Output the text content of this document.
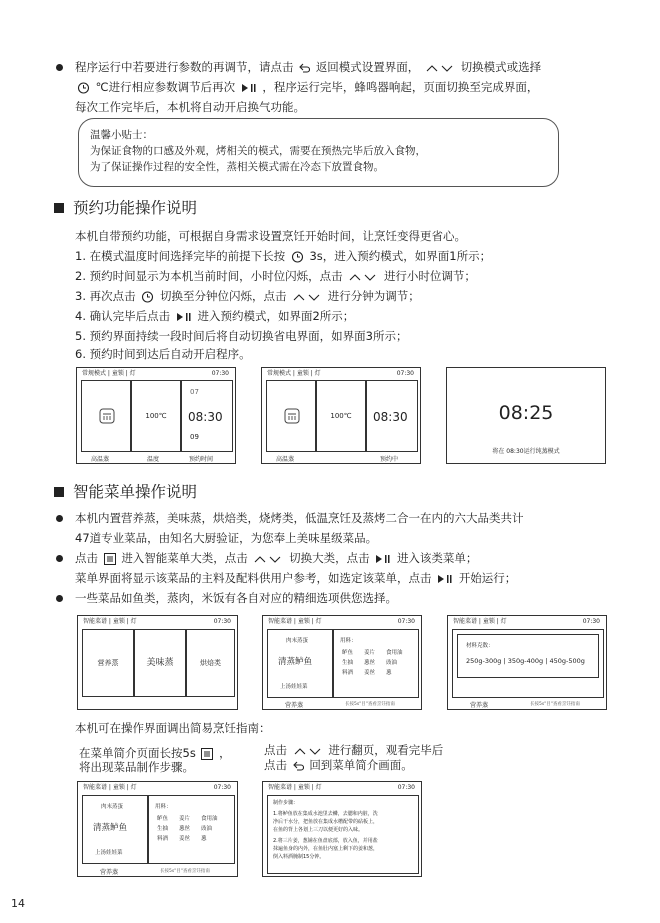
程序运行中若要进行参数的再调节，请点击 返回模式设置界面，	切换模式或选择
℃进行相应参数调节后再次 ，程序运行完毕，蜂鸣器响起，页面切换至完成界面，
每次工作完毕后，本机将自动开启换气功能。
温馨小贴士：
为保证食物的口感及外观，烤相关的模式，需要在预热完毕后放入食物，
为了保证操作过程的安全性，蒸相关模式需在冷态下放置食物。
预约功能操作说明
本机自带预约功能，可根据自身需求设置烹饪开始时间，让烹饪变得更省心。
1. 在模式温度时间选择完毕的前提下长按 3s，进入预约模式，如界面1所示；
2. 预约时间显示为本机当前时间，小时位闪烁，点击	进行小时位调节；
3. 再次点击 切换至分钟位闪烁，点击	进行分钟为调节；
4. 确认完毕后点击 进入预约模式，如界面2所示；
5. 预约界面持续一段时间后将自动切换省电界面，如界面3所示；
6. 预约时间到达后自动开启程序。
常规模式 | 童锁 | 灯	07:30
100℃
07
08:30
09
高温蒸	温度	预约时间
常规模式 | 童锁 | 灯	07:30
100℃	08:30
高温蒸	预约中
08:25
将在 08:30运行纯蒸模式
智能菜单操作说明
本机内置营养蒸，美味蒸，烘焙类，烧烤类，低温烹饪及蒸烤二合一在内的六大品类共计
47道专业菜品，由知名大厨验证，为您奉上美味星级菜品。
点击 进入智能菜单大类，点击	切换大类，点击 进入该类菜单；
菜单界面将显示该菜品的主料及配料供用户参考，如选定该菜单，点击 开始运行；
一些菜品如鱼类，蒸肉，米饭有各自对应的精细选项供您选择。
智能菜谱 | 童锁 | 灯	07:30
营养蒸	美味蒸	烘焙类
智能菜谱 | 童锁 | 灯	07:30
肉末蒸蛋
清蒸鲈鱼
上汤娃娃菜
用料：
鲈鱼 姜片 食用油
生抽 葱丝 豉油
料酒 姜丝 葱
营养蒸	长按5s"目"查看烹饪指南
智能菜谱 | 童锁 | 灯	07:30
材料克数：
250g-300g | 350g-400g | 450g-500g
营养蒸	长按5s"目"查看烹饪指南
本机可在操作界面调出简易烹饪指南：
在菜单简介页面长按5s ，
将出现菜品制作步骤。
点击	进行翻页，观看完毕后
点击 回到菜单简介画面。
智能菜谱 | 童锁 | 灯	07:30
肉末蒸蛋
清蒸鲈鱼
上汤娃娃菜
用料：
鲈鱼 姜片 食用油
生抽 葱丝 豉油
料酒 姜丝 葱
营养蒸	长按5s"目"查看烹饪指南
智能菜谱 | 童锁 | 灯	07:30
制作步骤：
1.将鲈鱼放在集成水池里去鳞，去腮和内脏，洗
净后干水分，把鱼放在集成水槽配带的砧板上，
在鱼的背上各划上三刀以便更好的入味。
2.将三片姜，葱铺在鱼盘底部，放入鱼，并用盐
抹遍鱼身的内外，在鱼肚内塞上剩下的姜和葱，
倒入料酒腌制15分钟。
14
